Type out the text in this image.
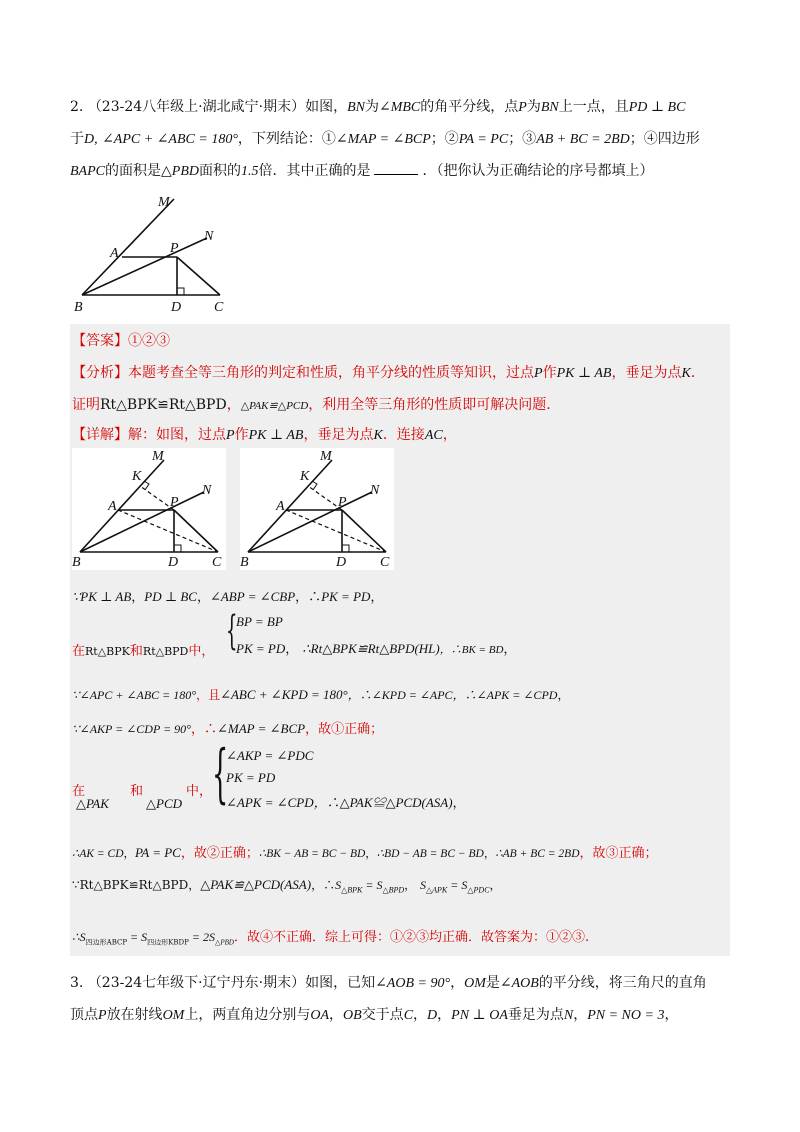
2. （23-24八年级上·湖北咸宁·期末）如图，BN为∠MBC的角平分线，点P为BN上一点，且PD ⊥ BC
于D, ∠APC + ∠ABC = 180°，下列结论：①∠MAP = ∠BCP；②PA = PC；③AB + BC = 2BD；④四边形
BAPC的面积是△PBD面积的1.5倍．其中正确的是	．（把你认为正确结论的序号都填上）
M
N
A	P
B	D C
【答案】①②③
【分析】本题考查全等三角形的判定和性质，角平分线的性质等知识，过点P作PK ⊥ AB，垂足为点K．
证明Rt△BPK≌Rt△BPD，△PAK≌△PCD，利用全等三角形的性质即可解决问题.
【详解】解：如图，过点P作PK ⊥ AB，垂足为点K．连接AC，
M
N
K
A	P
B	D C
M
N
K
A	P
B	D C
∵PK ⊥ AB，PD ⊥ BC，∠ABP = ∠CBP，∴PK = PD，
在Rt△BPK和Rt△BPD中， {
BP = BP
PK = PD， ∴Rt△BPK≌Rt△BPD(HL)，∴BK = BD，
∵∠APC + ∠ABC = 180°，且∠ABC + ∠KPD = 180°，∴∠KPD = ∠APC，∴∠APK = ∠CPD，
∵∠AKP = ∠CDP = 90°，∴∠MAP = ∠BCP，故①正确；
在	和	中，
△PAK	△PCD {
∠AKP = ∠PDC
PK = PD
∠APK = ∠CPD，∴△PAK≌△PCD(ASA)，
∴AK = CD，PA = PC，故②正确；∴BK − AB = BC − BD，∴BD − AB = BC − BD，∴AB + BC = 2BD，故③正确；
∵Rt△BPK≌Rt△BPD，△PAK≌△PCD(ASA)，$\therefore S_{\triangle BPK} = S_{\triangle BPD}$， $S_{\triangle APK} = S_{\triangle PDC}$，
$\therefore S_{四边形ABCP} = S_{四边形KBDP} = 2S_{\triangle PBD}$．故④不正确．综上可得：①②③均正确．故答案为：①②③.
3. （23-24七年级下·辽宁丹东·期末）如图，已知∠AOB = 90°，OM是∠AOB的平分线，将三角尺的直角
顶点P放在射线OM上，两直角边分别与OA，OB交于点C，D，PN ⊥ OA垂足为点N，PN = NO = 3，
